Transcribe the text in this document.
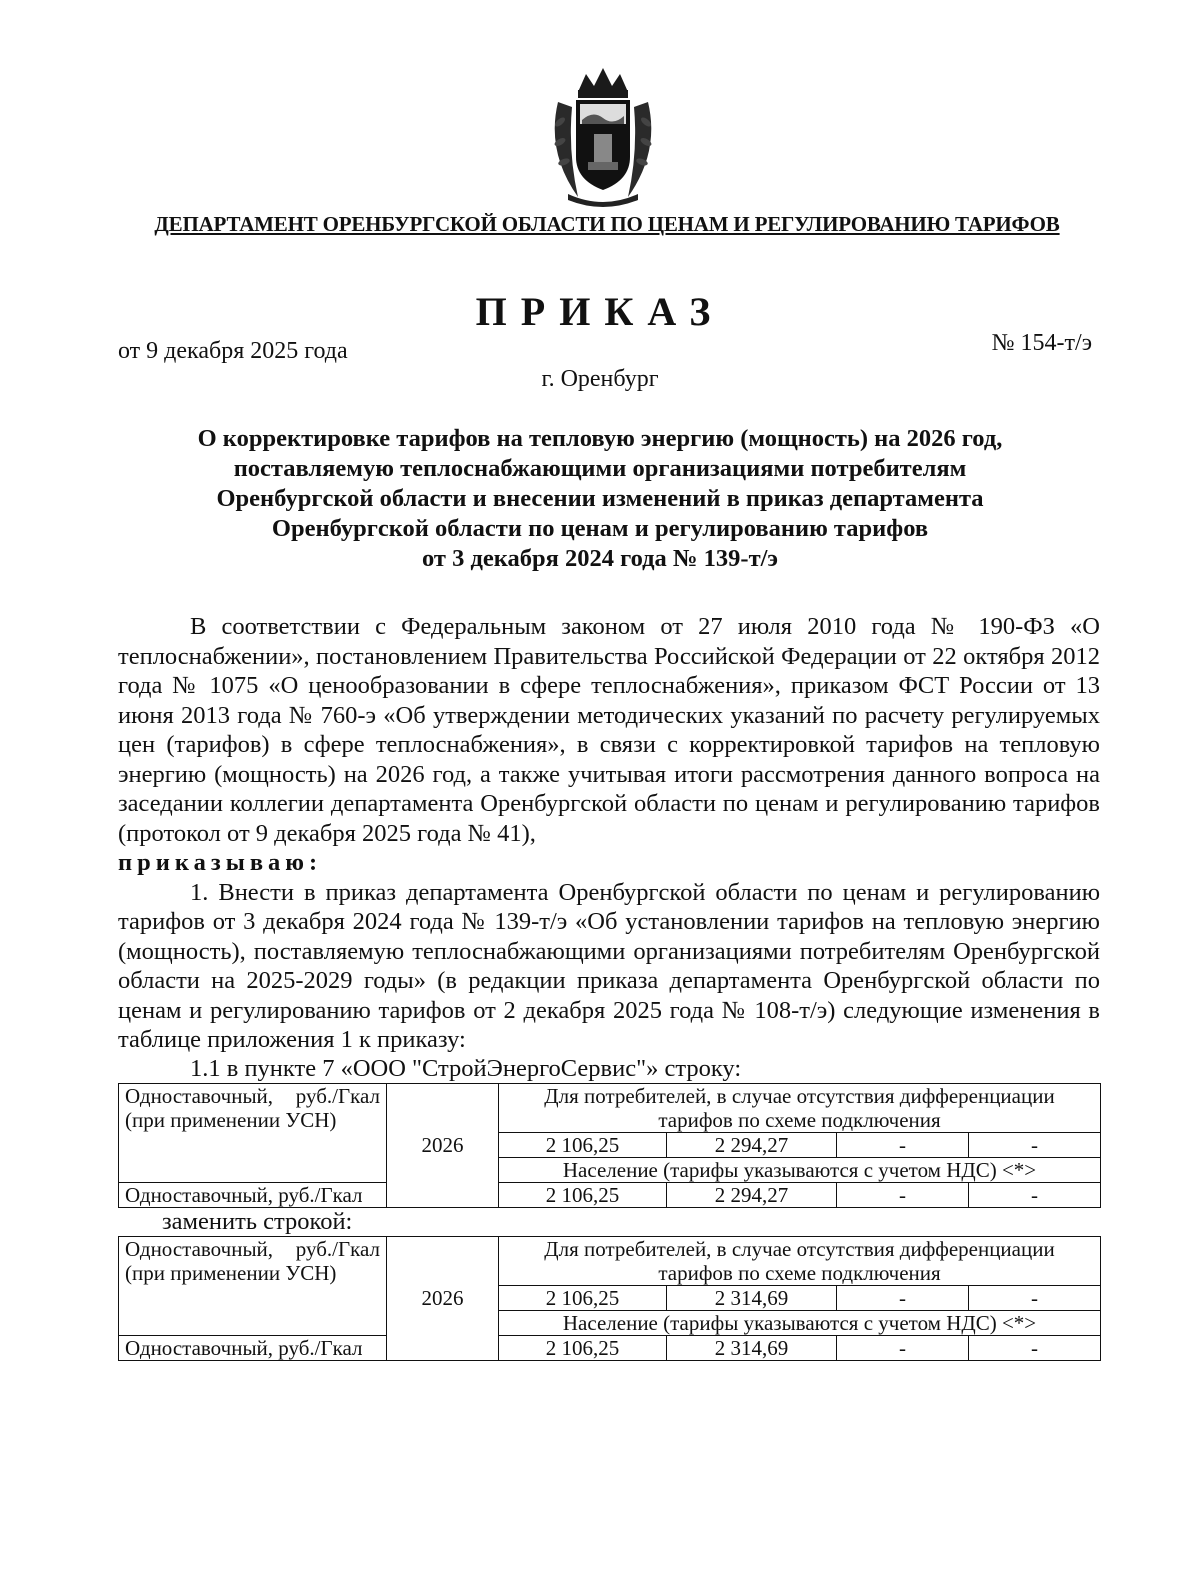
ДЕПАРТАМЕНТ ОРЕНБУРГСКОЙ ОБЛАСТИ ПО ЦЕНАМ И РЕГУЛИРОВАНИЮ ТАРИФОВ
ПРИКАЗ
от 9 декабря 2025 года	№ 154-т/э
г. Оренбург
О корректировке тарифов на тепловую энергию (мощность) на 2026 год,
поставляемую теплоснабжающими организациями потребителям
Оренбургской области и внесении изменений в приказ департамента
Оренбургской области по ценам и регулированию тарифов
от 3 декабря 2024 года № 139-т/э

В соответствии с Федеральным законом от 27 июля 2010 года № 190-ФЗ «О теплоснабжении», постановлением Правительства Российской Федерации от 22 октября 2012 года № 1075 «О ценообразовании в сфере теплоснабжения», приказом ФСТ России от 13 июня 2013 года № 760-э «Об утверждении методических указаний по расчету регулируемых цен (тарифов) в сфере теплоснабжения», в связи с корректировкой тарифов на тепловую энергию (мощность) на 2026 год, а также учитывая итоги рассмотрения данного вопроса на заседании коллегии департамента Оренбургской области по ценам и регулированию тарифов (протокол от 9 декабря 2025 года № 41),

приказываю:

1. Внести в приказ департамента Оренбургской области по ценам и регулированию тарифов от 3 декабря 2024 года № 139-т/э «Об установлении тарифов на тепловую энергию (мощность), поставляемую теплоснабжающими организациями потребителям Оренбургской области на 2025-2029 годы» (в редакции приказа департамента Оренбургской области по ценам и регулированию тарифов от 2 декабря 2025 года № 108-т/э) следующие изменения в таблице приложения 1 к приказу:

1.1 в пункте 7 «ООО "СтройЭнергоСервис"» строку:

Одноставочный, руб./Гкал (при применении УСН)	2026	Для потребителей, в случае отсутствия дифференциации тарифов по схеме подключения			
		2 106,25	2 294,27	-	-
		Население (тарифы указываются с учетом НДС) <*>			
Одноставочный, руб./Гкал		2 106,25	2 294,27	-	-

заменить строкой:

Одноставочный, руб./Гкал (при применении УСН)	2026	Для потребителей, в случае отсутствия дифференциации тарифов по схеме подключения			
		2 106,25	2 314,69	-	-
		Население (тарифы указываются с учетом НДС) <*>			
Одноставочный, руб./Гкал		2 106,25	2 314,69	-	-
